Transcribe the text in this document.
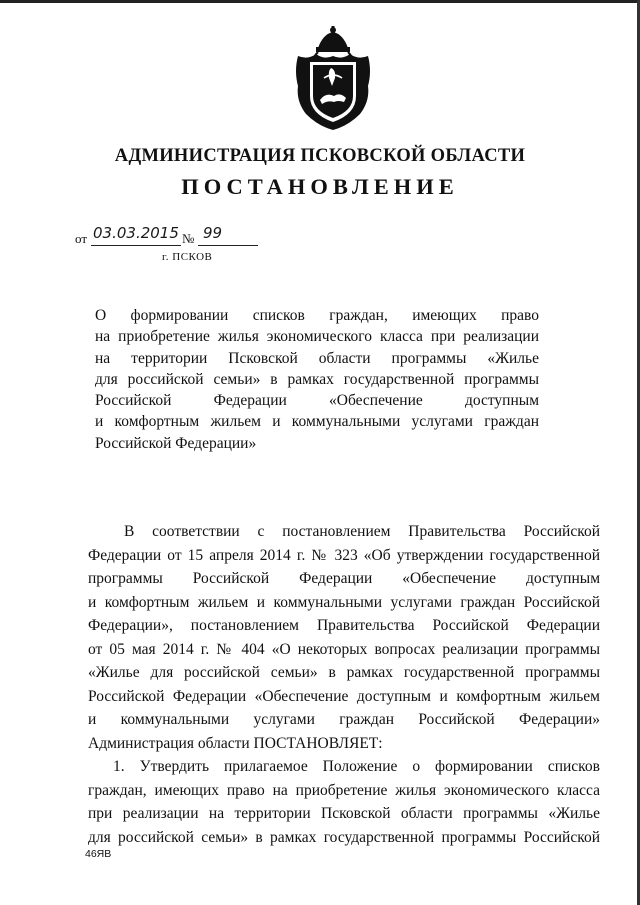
АДМИНИСТРАЦИЯ ПСКОВСКОЙ ОБЛАСТИ
ПОСТАНОВЛЕНИЕ
от 03.03.2015 № 99
г. ПСКОВ
О формировании списков граждан, имеющих право
на приобретение жилья экономического класса при реализации
на территории Псковской области программы «Жилье
для российской семьи» в рамках государственной программы
Российской Федерации «Обеспечение доступным
и комфортным жильем и коммунальными услугами граждан
Российской Федерации»
В соответствии с постановлением Правительства Российской
Федерации от 15 апреля 2014 г. № 323 «Об утверждении государственной
программы Российской Федерации «Обеспечение доступным
и комфортным жильем и коммунальными услугами граждан Российской
Федерации», постановлением Правительства Российской Федерации
от 05 мая 2014 г. № 404 «О некоторых вопросах реализации программы
«Жилье для российской семьи» в рамках государственной программы
Российской Федерации «Обеспечение доступным и комфортным жильем
и коммунальными услугами граждан Российской Федерации»
Администрация области ПОСТАНОВЛЯЕТ:
1. Утвердить прилагаемое Положение о формировании списков
граждан, имеющих право на приобретение жилья экономического класса
при реализации на территории Псковской области программы «Жилье
для российской семьи» в рамках государственной программы Российской
46ЯВ
